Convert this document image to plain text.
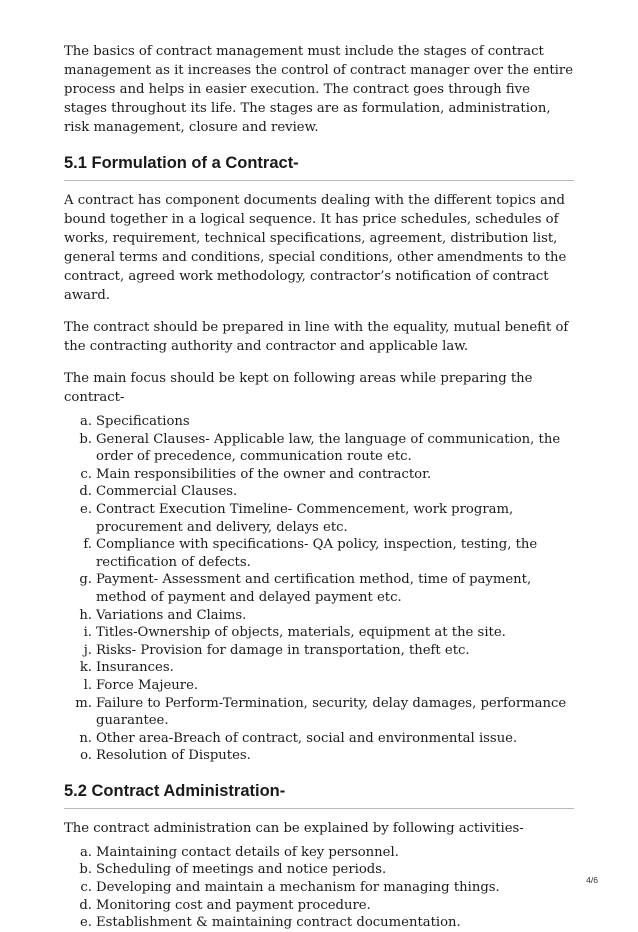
The basics of contract management must include the stages of contract management as it increases the control of contract manager over the entire process and helps in easier execution. The contract goes through five stages throughout its life. The stages are as formulation, administration, risk management, closure and review.

5.1 Formulation of a Contract-

A contract has component documents dealing with the different topics and bound together in a logical sequence. It has price schedules, schedules of works, requirement, technical specifications, agreement, distribution list, general terms and conditions, special conditions, other amendments to the contract, agreed work methodology, contractor’s notification of contract award.

The contract should be prepared in line with the equality, mutual benefit of the contracting authority and contractor and applicable law.

The main focus should be kept on following areas while preparing the contract-

a. Specifications
b. General Clauses- Applicable law, the language of communication, the order of precedence, communication route etc.
c. Main responsibilities of the owner and contractor.
d. Commercial Clauses.
e. Contract Execution Timeline- Commencement, work program, procurement and delivery, delays etc.
f. Compliance with specifications- QA policy, inspection, testing, the rectification of defects.
g. Payment- Assessment and certification method, time of payment, method of payment and delayed payment etc.
h. Variations and Claims.
i. Titles-Ownership of objects, materials, equipment at the site.
j. Risks- Provision for damage in transportation, theft etc.
k. Insurances.
l. Force Majeure.
m. Failure to Perform-Termination, security, delay damages, performance guarantee.
n. Other area-Breach of contract, social and environmental issue.
o. Resolution of Disputes.
5.2 Contract Administration-

The contract administration can be explained by following activities-

a. Maintaining contact details of key personnel.
b. Scheduling of meetings and notice periods.
c. Developing and maintain a mechanism for managing things.
d. Monitoring cost and payment procedure.
e. Establishment & maintaining contract documentation.
4/6
